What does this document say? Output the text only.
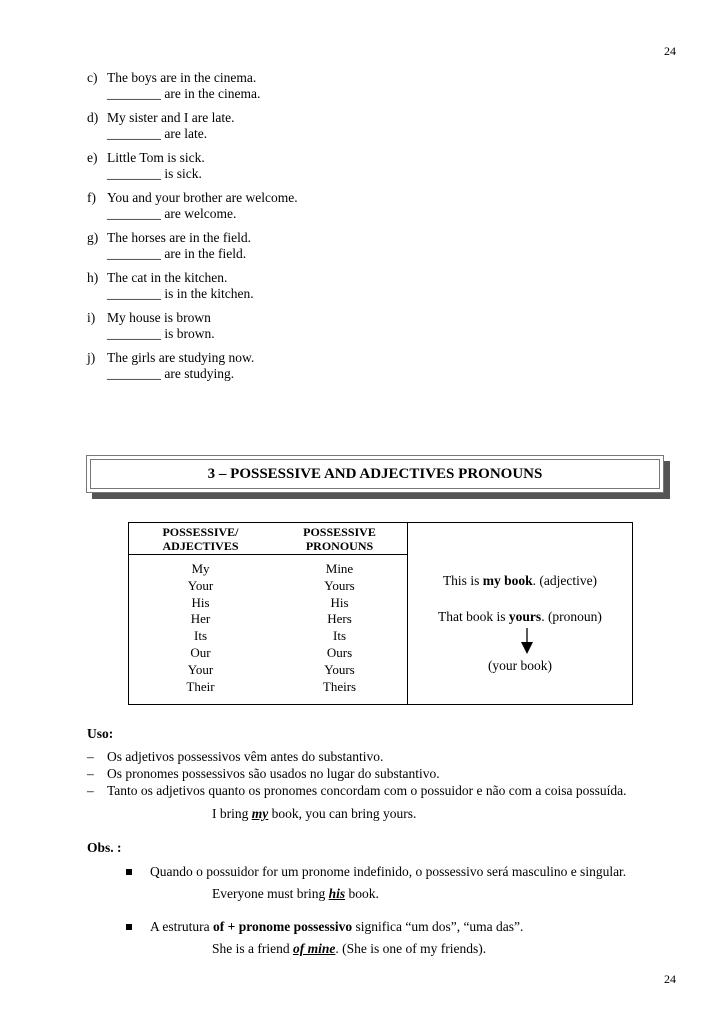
24
c) The boys are in the cinema.
________ are in the cinema.
d) My sister and I are late.
________ are late.
e) Little Tom is sick.
________ is sick.
f) You and your brother are welcome.
________ are welcome.
g) The horses are in the field.
________ are in the field.
h) The cat in the kitchen.
________ is in the kitchen.
i) My house is brown
________ is brown.
j) The girls are studying now.
________ are studying.
3 – POSSESSIVE AND ADJECTIVES PRONOUNS
POSSESSIVE/
ADJECTIVES
My
Your
His
Her
Its
Our
Your
Their
POSSESSIVE
PRONOUNS
Mine
Yours
His
Hers
Its
Ours
Yours
Theirs
This is my book. (adjective)
That book is yours. (pronoun)
(your book)
Uso:
– Os adjetivos possessivos vêm antes do substantivo.
– Os pronomes possessivos são usados no lugar do substantivo.
– Tanto os adjetivos quanto os pronomes concordam com o possuidor e não com a coisa possuída.
I bring my book, you can bring yours.
Obs. :
Quando o possuidor for um pronome indefinido, o possessivo será masculino e singular.
Everyone must bring his book.
A estrutura of + pronome possessivo significa “um dos”, “uma das”.
She is a friend of mine. (She is one of my friends).
24
